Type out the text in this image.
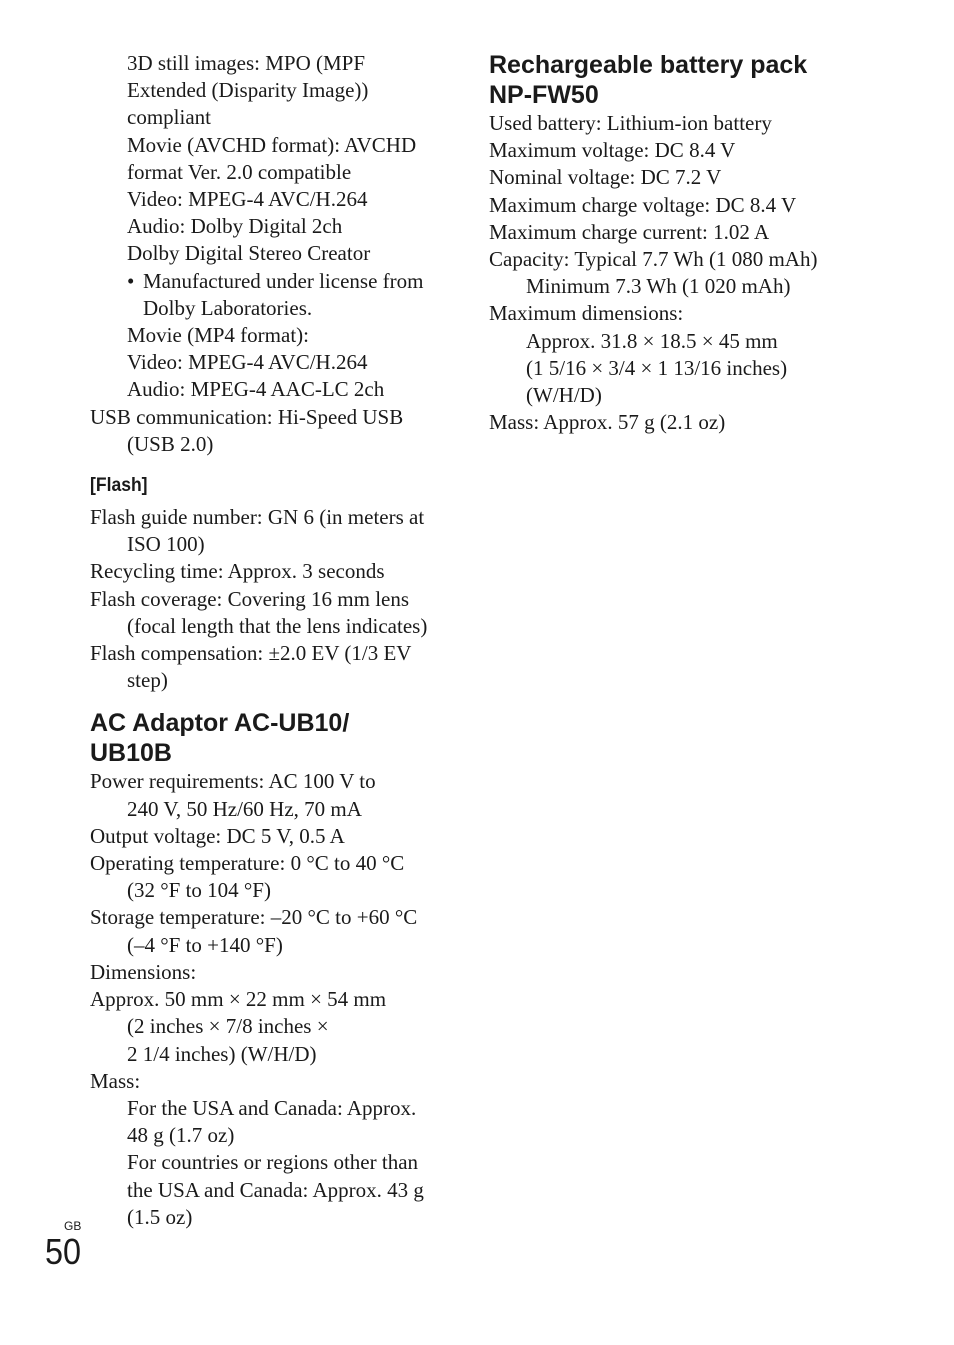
3D still images: MPO (MPF
Extended (Disparity Image))
compliant
Movie (AVCHD format): AVCHD
format Ver. 2.0 compatible
Video: MPEG-4 AVC/H.264
Audio: Dolby Digital 2ch
Dolby Digital Stereo Creator
• Manufactured under license from
Dolby Laboratories.
Movie (MP4 format):
Video: MPEG-4 AVC/H.264
Audio: MPEG-4 AAC-LC 2ch
USB communication: Hi-Speed USB
(USB 2.0)
[Flash]
Flash guide number: GN 6 (in meters at
ISO 100)
Recycling time: Approx. 3 seconds
Flash coverage: Covering 16 mm lens
(focal length that the lens indicates)
Flash compensation: ±2.0 EV (1/3 EV
step)
AC Adaptor AC-UB10/
UB10B
Power requirements: AC 100 V to
240 V, 50 Hz/60 Hz, 70 mA
Output voltage: DC 5 V, 0.5 A
Operating temperature: 0 °C to 40 °C
(32 °F to 104 °F)
Storage temperature: –20 °C to +60 °C
(–4 °F to +140 °F)
Dimensions:
Approx. 50 mm × 22 mm × 54 mm
(2 inches × 7/8 inches ×
2 1/4 inches) (W/H/D)
Mass:
For the USA and Canada: Approx.
48 g (1.7 oz)
For countries or regions other than
the USA and Canada: Approx. 43 g
(1.5 oz)
Rechargeable battery pack
NP-FW50
Used battery: Lithium-ion battery
Maximum voltage: DC 8.4 V
Nominal voltage: DC 7.2 V
Maximum charge voltage: DC 8.4 V
Maximum charge current: 1.02 A
Capacity: Typical 7.7 Wh (1 080 mAh)
Minimum 7.3 Wh (1 020 mAh)
Maximum dimensions:
Approx. 31.8 × 18.5 × 45 mm
(1 5/16 × 3/4 × 1 13/16 inches)
(W/H/D)
Mass: Approx. 57 g (2.1 oz)
GB
50
